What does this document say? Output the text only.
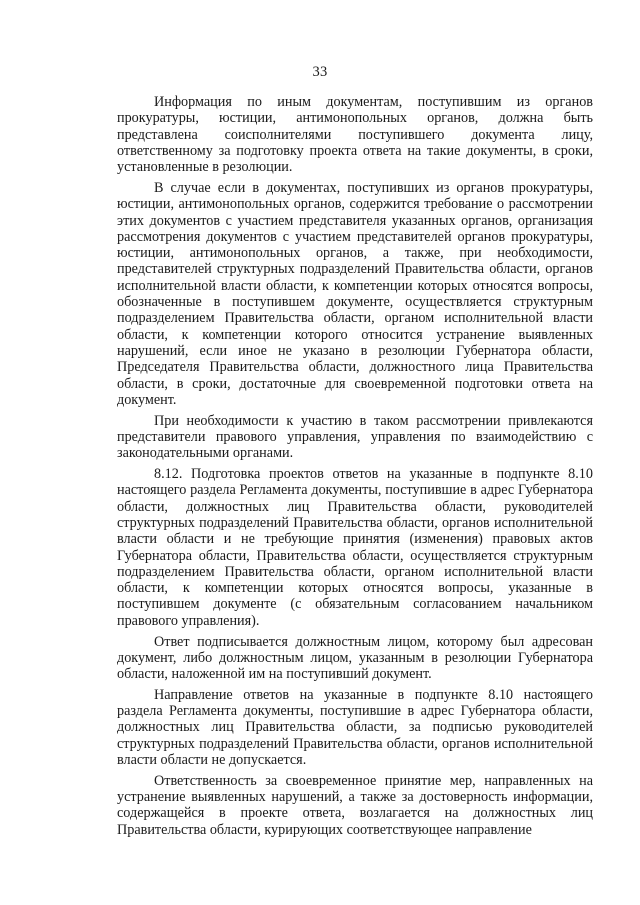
33

Информация по иным документам, поступившим из органов прокуратуры, юстиции, антимонопольных органов, должна быть представлена соисполнителями поступившего документа лицу, ответственному за подготовку проекта ответа на такие документы, в сроки, установленные в резолюции.

В случае если в документах, поступивших из органов прокуратуры, юстиции, антимонопольных органов, содержится требование о рассмотрении этих документов с участием представителя указанных органов, организация рассмотрения документов с участием представителей органов прокуратуры, юстиции, антимонопольных органов, а также, при необходимости, представителей структурных подразделений Правительства области, органов исполнительной власти области, к компетенции которых относятся вопросы, обозначенные в поступившем документе, осуществляется структурным подразделением Правительства области, органом исполнительной власти области, к компетенции которого относится устранение выявленных нарушений, если иное не указано в резолюции Губернатора области, Председателя Правительства области, должностного лица Правительства области, в сроки, достаточные для своевременной подготовки ответа на документ.

При необходимости к участию в таком рассмотрении привлекаются представители правового управления, управления по взаимодействию с законодательными органами.

8.12. Подготовка проектов ответов на указанные в подпункте 8.10 настоящего раздела Регламента документы, поступившие в адрес Губернатора области, должностных лиц Правительства области, руководителей структурных подразделений Правительства области, органов исполнительной власти области и не требующие принятия (изменения) правовых актов Губернатора области, Правительства области, осуществляется структурным подразделением Правительства области, органом исполнительной власти области, к компетенции которых относятся вопросы, указанные в поступившем документе (с обязательным согласованием начальником правового управления).

Ответ подписывается должностным лицом, которому был адресован документ, либо должностным лицом, указанным в резолюции Губернатора области, наложенной им на поступивший документ.

Направление ответов на указанные в подпункте 8.10 настоящего раздела Регламента документы, поступившие в адрес Губернатора области, должностных лиц Правительства области, за подписью руководителей структурных подразделений Правительства области, органов исполнительной власти области не допускается.

Ответственность за своевременное принятие мер, направленных на устранение выявленных нарушений, а также за достоверность информации, содержащейся в проекте ответа, возлагается на должностных лиц Правительства области, курирующих соответствующее направление
